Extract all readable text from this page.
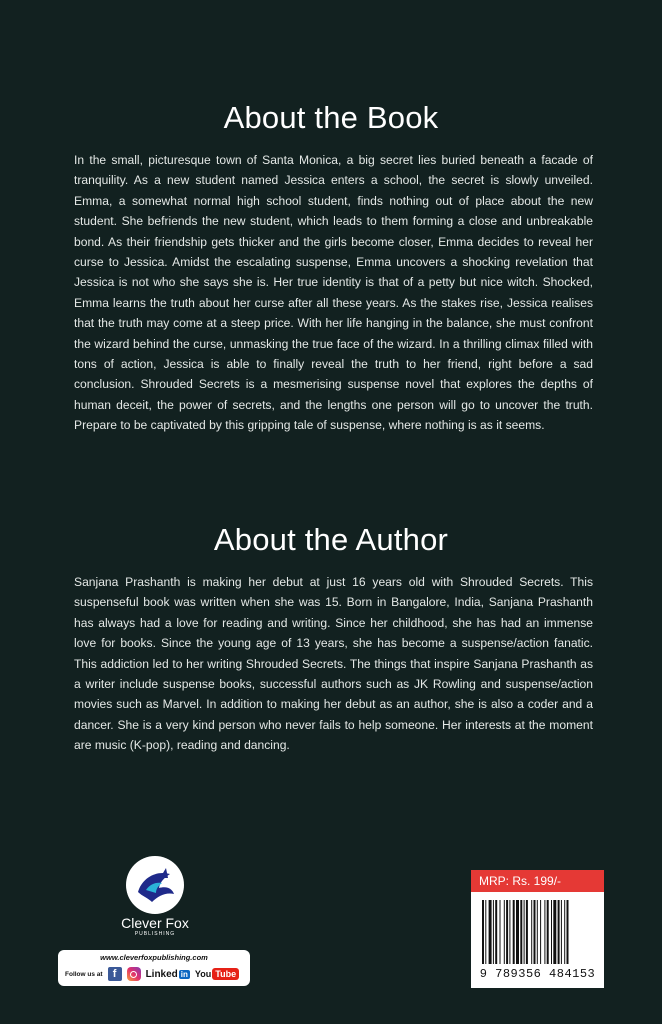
About the Book

In the small, picturesque town of Santa Monica, a big secret lies buried beneath a facade of tranquility. As a new student named Jessica enters a school, the secret is slowly unveiled. Emma, a somewhat normal high school student, finds nothing out of place about the new student. She befriends the new student, which leads to them forming a close and unbreakable bond. As their friendship gets thicker and the girls become closer, Emma decides to reveal her curse to Jessica. Amidst the escalating suspense, Emma uncovers a shocking revelation that Jessica is not who she says she is. Her true identity is that of a petty but nice witch. Shocked, Emma learns the truth about her curse after all these years. As the stakes rise, Jessica realises that the truth may come at a steep price. With her life hanging in the balance, she must confront the wizard behind the curse, unmasking the true face of the wizard. In a thrilling climax filled with tons of action, Jessica is able to finally reveal the truth to her friend, right before a sad conclusion. Shrouded Secrets is a mesmerising suspense novel that explores the depths of human deceit, the power of secrets, and the lengths one person will go to uncover the truth. Prepare to be captivated by this gripping tale of suspense, where nothing is as it seems.

About the Author

Sanjana Prashanth is making her debut at just 16 years old with Shrouded Secrets. This suspenseful book was written when she was 15. Born in Bangalore, India, Sanjana Prashanth has always had a love for reading and writing. Since her childhood, she has had an immense love for books. Since the young age of 13 years, she has become a suspense/action fanatic. This addiction led to her writing Shrouded Secrets. The things that inspire Sanjana Prashanth as a writer include suspense books, successful authors such as JK Rowling and suspense/action movies such as Marvel. In addition to making her debut as an author, she is also a coder and a dancer. She is a very kind person who never fails to help someone. Her interests at the moment are music (K-pop), reading and dancing.

Clever Fox
PUBLISHING
www.cleverfoxpublishing.com
Follow us at f	Linked in You Tube
MRP: Rs. 199/-
9 789356 484153
